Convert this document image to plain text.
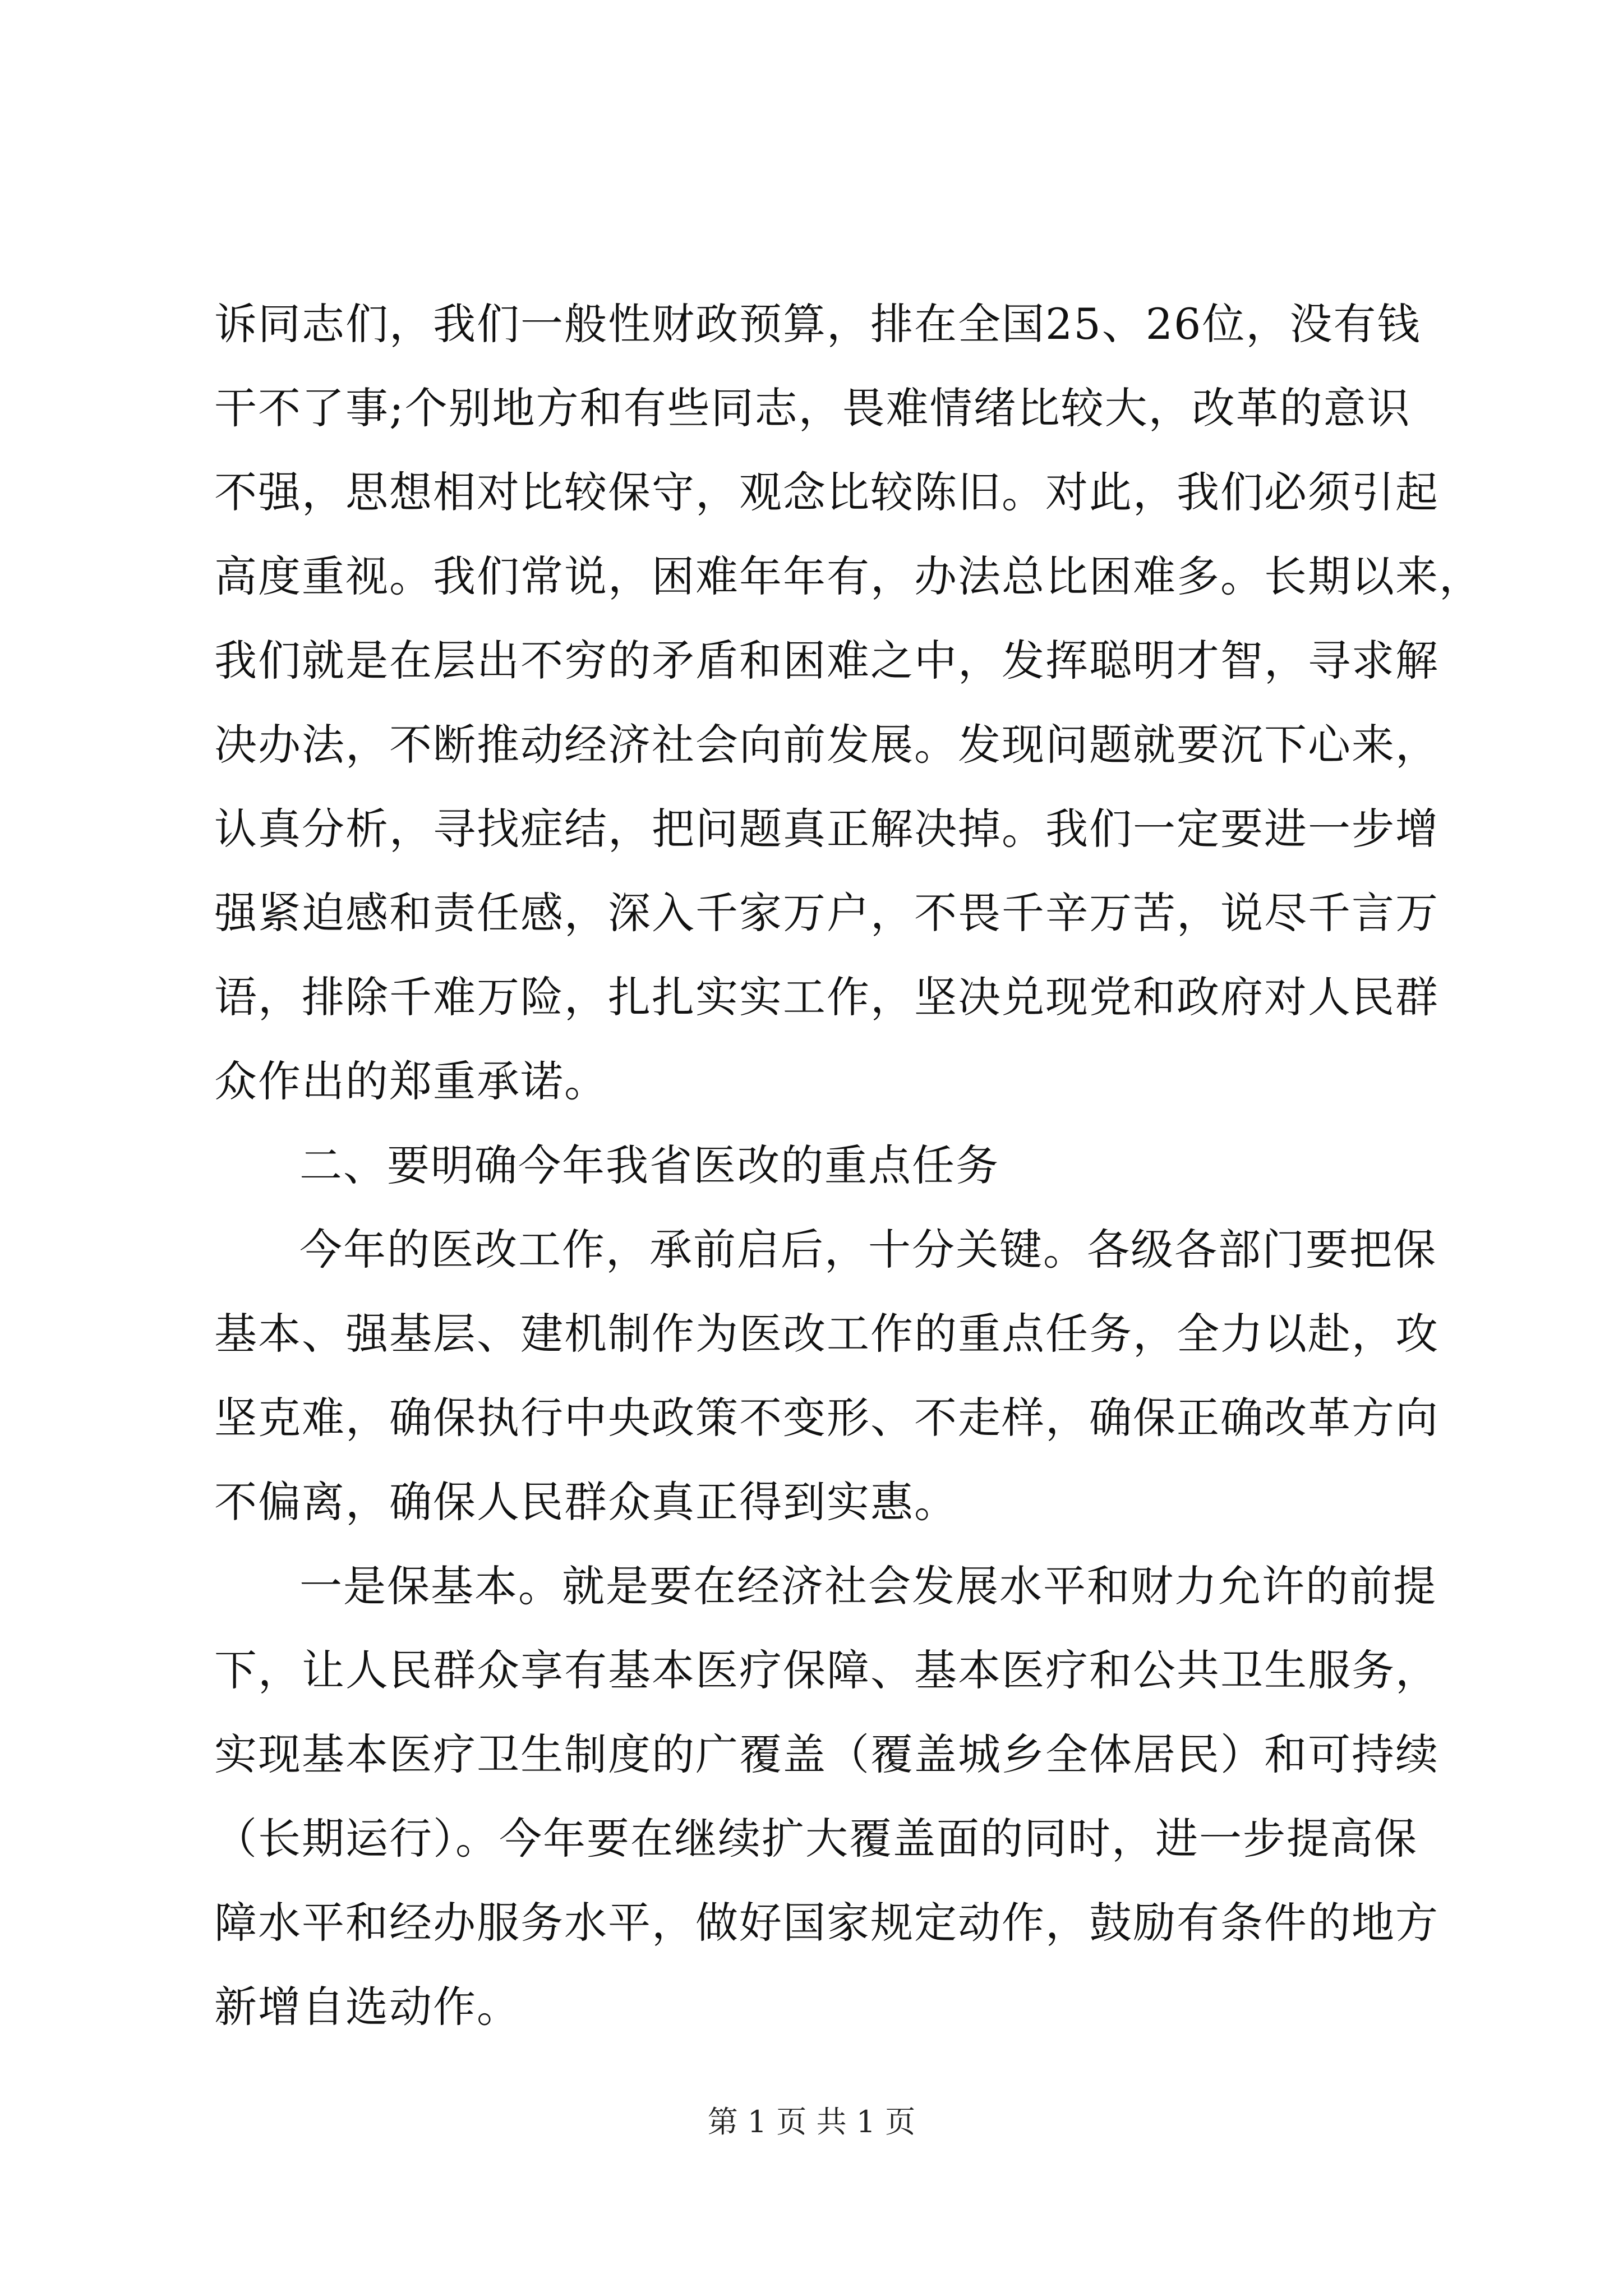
诉同志们，我们一般性财政预算，排在全国25、26位，没有钱
干不了事;个别地方和有些同志，畏难情绪比较大，改革的意识
不强，思想相对比较保守，观念比较陈旧。对此，我们必须引起
高度重视。我们常说，困难年年有，办法总比困难多。长期以来，
我们就是在层出不穷的矛盾和困难之中，发挥聪明才智，寻求解
决办法，不断推动经济社会向前发展。发现问题就要沉下心来，
认真分析，寻找症结，把问题真正解决掉。我们一定要进一步增
强紧迫感和责任感，深入千家万户，不畏千辛万苦，说尽千言万
语，排除千难万险，扎扎实实工作，坚决兑现党和政府对人民群
众作出的郑重承诺。
二、要明确今年我省医改的重点任务
今年的医改工作，承前启后，十分关键。各级各部门要把保
基本、强基层、建机制作为医改工作的重点任务，全力以赴，攻
坚克难，确保执行中央政策不变形、不走样，确保正确改革方向
不偏离，确保人民群众真正得到实惠。
一是保基本。就是要在经济社会发展水平和财力允许的前提
下，让人民群众享有基本医疗保障、基本医疗和公共卫生服务，
实现基本医疗卫生制度的广覆盖（覆盖城乡全体居民）和可持续
（长期运行）。今年要在继续扩大覆盖面的同时，进一步提高保
障水平和经办服务水平，做好国家规定动作，鼓励有条件的地方
新增自选动作。
第 1 页 共 1 页
